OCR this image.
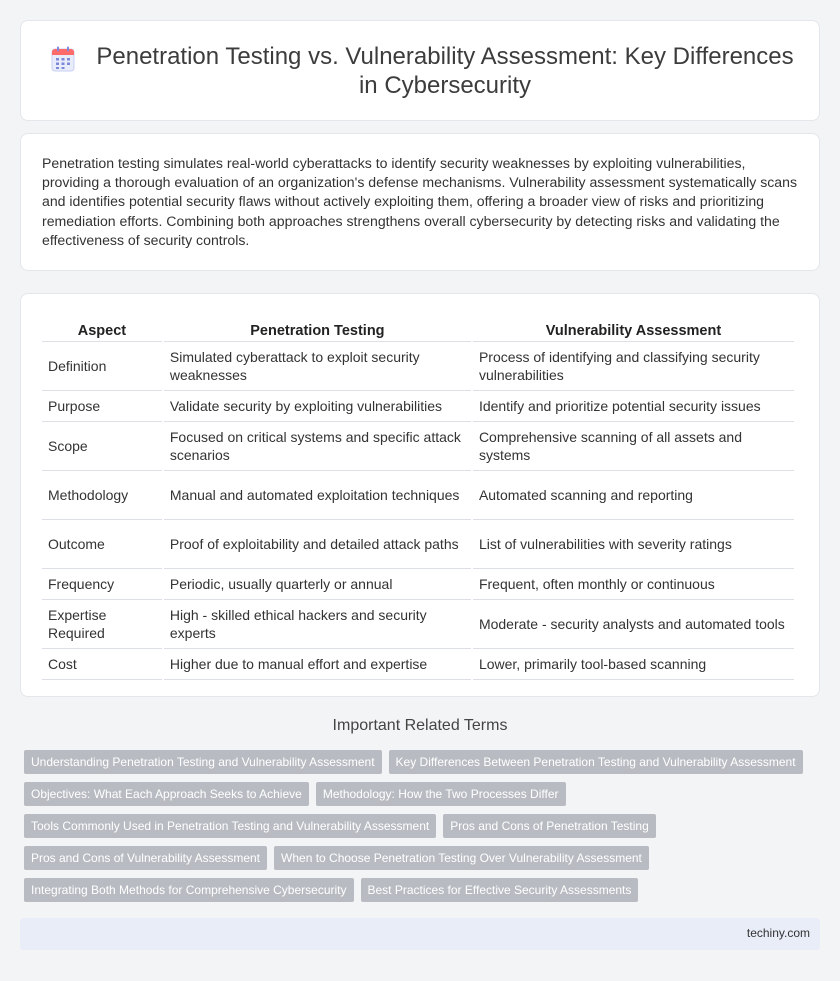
Penetration Testing vs. Vulnerability Assessment: Key Differences in Cybersecurity

Penetration testing simulates real-world cyberattacks to identify security weaknesses by exploiting vulnerabilities, providing a thorough evaluation of an organization's defense mechanisms. Vulnerability assessment systematically scans and identifies potential security flaws without actively exploiting them, offering a broader view of risks and prioritizing remediation efforts. Combining both approaches strengthens overall cybersecurity by detecting risks and validating the effectiveness of security controls.

Aspect	Penetration Testing	Vulnerability Assessment
Definition	Simulated cyberattack to exploit security weaknesses	Process of identifying and classifying security vulnerabilities
Purpose	Validate security by exploiting vulnerabilities	Identify and prioritize potential security issues
Scope	Focused on critical systems and specific attack scenarios	Comprehensive scanning of all assets and systems
Methodology	Manual and automated exploitation techniques	Automated scanning and reporting
Outcome	Proof of exploitability and detailed attack paths	List of vulnerabilities with severity ratings
Frequency	Periodic, usually quarterly or annual	Frequent, often monthly or continuous
Expertise Required	High - skilled ethical hackers and security experts	Moderate - security analysts and automated tools
Cost	Higher due to manual effort and expertise	Lower, primarily tool-based scanning
Important Related Terms
Understanding Penetration Testing and Vulnerability Assessment	Key Differences Between Penetration Testing and Vulnerability Assessment
Objectives: What Each Approach Seeks to Achieve	Methodology: How the Two Processes Differ
Tools Commonly Used in Penetration Testing and Vulnerability Assessment	Pros and Cons of Penetration Testing
Pros and Cons of Vulnerability Assessment	When to Choose Penetration Testing Over Vulnerability Assessment
Integrating Both Methods for Comprehensive Cybersecurity	Best Practices for Effective Security Assessments
techiny.com
